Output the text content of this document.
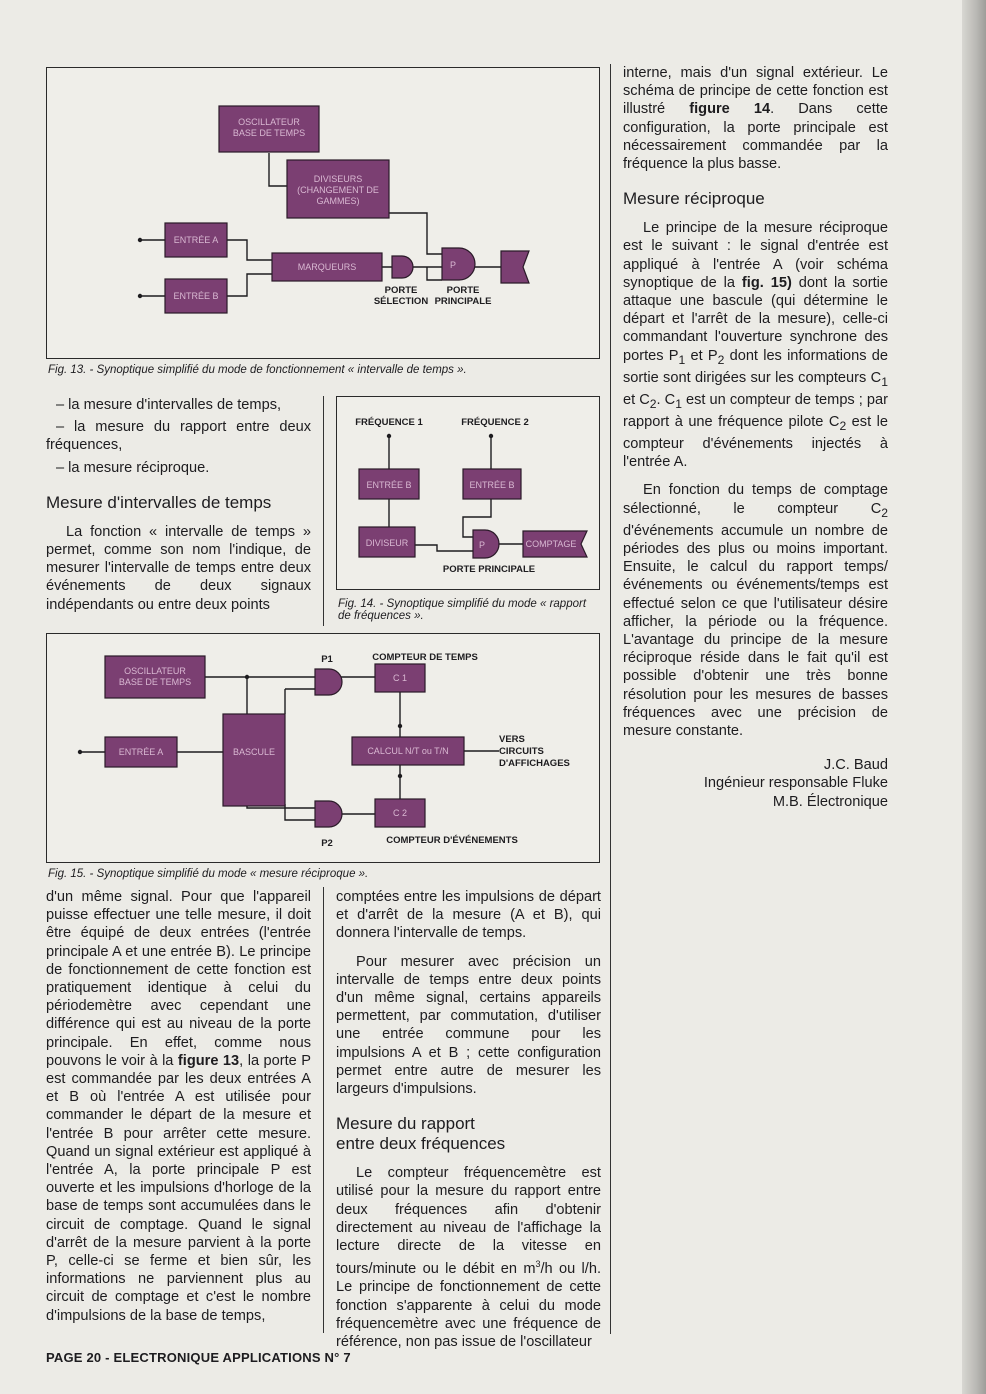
OSCILLATEUR
BASE DE TEMPS
DIVISEURS
(CHANGEMENT DE
GAMMES)
ENTRÉE A
ENTRÉE B
MARQUEURS	P
PORTE
SÉLECTION
PORTE
PRINCIPALE
Fig. 13. - Synoptique simplifié du mode de fonctionnement « intervalle de temps ».

– la mesure d'intervalles de temps,

– la mesure du rapport entre deux fréquences,

– la mesure réciproque.

Mesure d'intervalles de temps

La fonction « intervalle de temps » permet, comme son nom l'indique, de mesurer l'intervalle de temps entre deux événements de deux signaux indépendants ou entre deux points

FRÉQUENCE 1	FRÉQUENCE 2
ENTRÉE B	ENTRÉE B
DIVISEUR	P	COMPTAGE
PORTE PRINCIPALE
Fig. 14. - Synoptique simplifié du mode « rapport
de fréquences ».
OSCILLATEUR
BASE DE TEMPS
ENTRÉE A	BASCULE
P1
P2
C 1
COMPTEUR DE TEMPS
CALCUL N/T ou T/N
C 2
COMPTEUR D'ÉVÉNEMENTS
VERS
CIRCUITS
D'AFFICHAGES
Fig. 15. - Synoptique simplifié du mode « mesure réciproque ».

d'un même signal. Pour que l'appareil puisse effectuer une telle mesure, il doit être équipé de deux entrées (l'entrée principale A et une entrée B). Le principe de fonctionnement de cette fonction est pratiquement identique à celui du périodemètre avec cependant une différence qui est au niveau de la porte principale. En effet, comme nous pouvons le voir à la figure 13, la porte P est commandée par les deux entrées A et B où l'entrée A est utilisée pour commander le départ de la mesure et l'entrée B pour arrêter cette mesure. Quand un signal extérieur est appliqué à l'entrée A, la porte principale P est ouverte et les impulsions d'horloge de la base de temps sont accumulées dans le circuit de comptage. Quand le signal d'arrêt de la mesure parvient à la porte P, celle-ci se ferme et bien sûr, les informations ne parviennent plus au circuit de comptage et c'est le nombre d'impulsions de la base de temps,

comptées entre les impulsions de départ et d'arrêt de la mesure (A et B), qui donnera l'intervalle de temps.

Pour mesurer avec précision un intervalle de temps entre deux points d'un même signal, certains appareils permettent, par commutation, d'utiliser une entrée commune pour les impulsions A et B ; cette configuration permet entre autre de mesurer les largeurs d'impulsions.

Mesure du rapport
entre deux fréquences

Le compteur fréquencemètre est utilisé pour la mesure du rapport entre deux fréquences afin d'obtenir directement au niveau de l'affichage la lecture directe de la vitesse en tours/minute ou le débit en $m^3/h$ ou l/h. Le principe de fonctionnement de cette fonction s'apparente à celui du mode fréquencemètre avec une fréquence de référence, non pas issue de l'oscillateur

interne, mais d'un signal extérieur. Le schéma de principe de cette fonction est illustré figure 14. Dans cette configuration, la porte principale est nécessairement commandée par la fréquence la plus basse.

Mesure réciproque

Le principe de la mesure réciproque est le suivant : le signal d'entrée est appliqué à l'entrée A (voir schéma synoptique de la fig. 15) dont la sortie attaque une bascule (qui détermine le départ et l'arrêt de la mesure), celle-ci commandant l'ouverture synchrone des portes $P_1$ et $P_2$ dont les informations de sortie sont dirigées sur les compteurs $C_1$ et $C_2$. $C_1$ est un compteur de temps ; par rapport à une fréquence pilote $C_2$ est le compteur d'événements injectés à l'entrée A.

En fonction du temps de comptage sélectionné, le compteur $C_2$ d'événements accumule un nombre de périodes des plus ou moins important. Ensuite, le calcul du rapport temps/événements ou événements/temps est effectué selon ce que l'utilisateur désire afficher, la période ou la fréquence. L'avantage du principe de la mesure réciproque réside dans le fait qu'il est possible d'obtenir une très bonne résolution pour les mesures de basses fréquences avec une précision de mesure constante.

J.C. Baud
Ingénieur responsable Fluke
M.B. Électronique
PAGE 20 - ELECTRONIQUE APPLICATIONS N° 7
